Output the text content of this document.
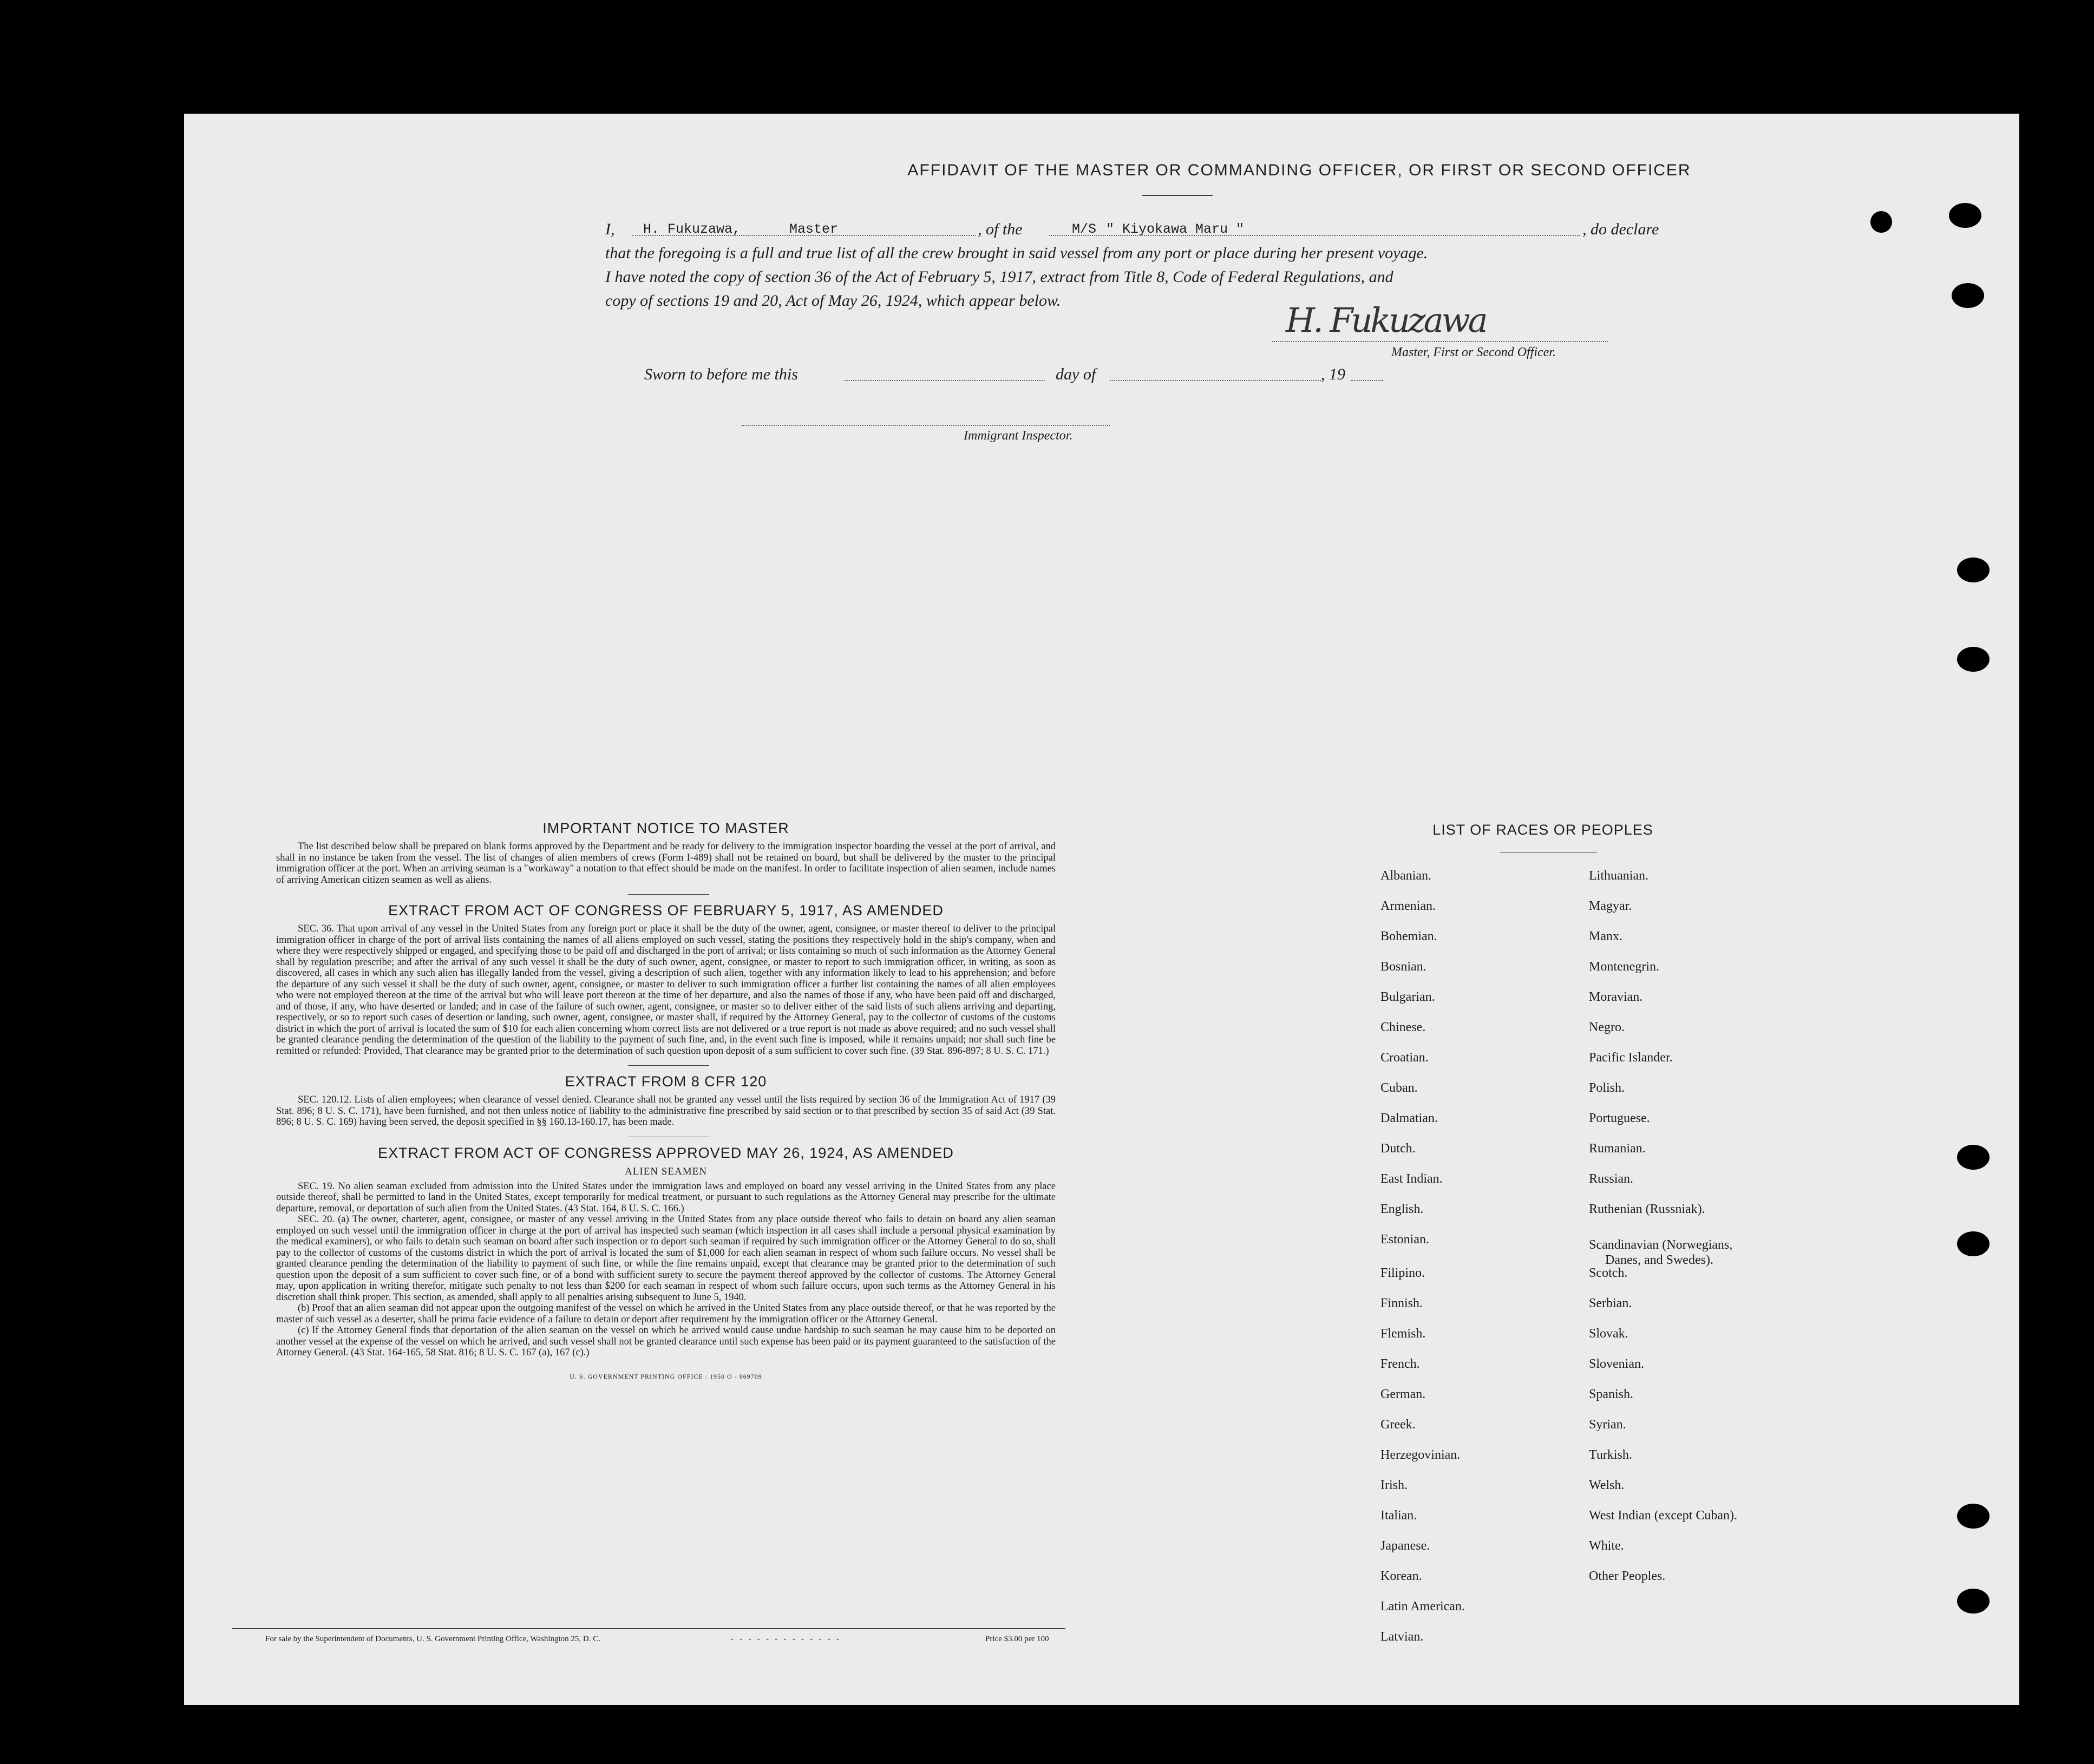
AFFIDAVIT OF THE MASTER OR COMMANDING OFFICER, OR FIRST OR SECOND OFFICER
I, H. Fukuzawa,	Master	, of the	M/S " Kiyokawa Maru "	, do declare
that the foregoing is a full and true list of all the crew brought in said vessel from any port or place during her present voyage.
I have noted the copy of section 36 of the Act of February 5, 1917, extract from Title 8, Code of Federal Regulations, and
copy of sections 19 and 20, Act of May 26, 1924, which appear below.	H. Fukuzawa
Master, First or Second Officer.
Sworn to before me this	day of	, 19
Immigrant Inspector.
IMPORTANT NOTICE TO MASTER

The list described below shall be prepared on blank forms approved by the Department and be ready for delivery to the immigration inspector boarding the vessel at the port of arrival, and shall in no instance be taken from the vessel. The list of changes of alien members of crews (Form I-489) shall not be retained on board, but shall be delivered by the master to the principal immigration officer at the port. When an arriving seaman is a "workaway" a notation to that effect should be made on the manifest. In order to facilitate inspection of alien seamen, include names of arriving American citizen seamen as well as aliens.

EXTRACT FROM ACT OF CONGRESS OF FEBRUARY 5, 1917, AS AMENDED

SEC. 36. That upon arrival of any vessel in the United States from any foreign port or place it shall be the duty of the owner, agent, consignee, or master thereof to deliver to the principal immigration officer in charge of the port of arrival lists containing the names of all aliens employed on such vessel, stating the positions they respectively hold in the ship's company, when and where they were respectively shipped or engaged, and specifying those to be paid off and discharged in the port of arrival; or lists containing so much of such information as the Attorney General shall by regulation prescribe; and after the arrival of any such vessel it shall be the duty of such owner, agent, consignee, or master to report to such immigration officer, in writing, as soon as discovered, all cases in which any such alien has illegally landed from the vessel, giving a description of such alien, together with any information likely to lead to his apprehension; and before the departure of any such vessel it shall be the duty of such owner, agent, consignee, or master to deliver to such immigration officer a further list containing the names of all alien employees who were not employed thereon at the time of the arrival but who will leave port thereon at the time of her departure, and also the names of those if any, who have been paid off and discharged, and of those, if any, who have deserted or landed; and in case of the failure of such owner, agent, consignee, or master so to deliver either of the said lists of such aliens arriving and departing, respectively, or so to report such cases of desertion or landing, such owner, agent, consignee, or master shall, if required by the Attorney General, pay to the collector of customs of the customs district in which the port of arrival is located the sum of $10 for each alien concerning whom correct lists are not delivered or a true report is not made as above required; and no such vessel shall be granted clearance pending the determination of the question of the liability to the payment of such fine, and, in the event such fine is imposed, while it remains unpaid; nor shall such fine be remitted or refunded: Provided, That clearance may be granted prior to the determination of such question upon deposit of a sum sufficient to cover such fine. (39 Stat. 896-897; 8 U. S. C. 171.)

EXTRACT FROM 8 CFR 120

SEC. 120.12. Lists of alien employees; when clearance of vessel denied. Clearance shall not be granted any vessel until the lists required by section 36 of the Immigration Act of 1917 (39 Stat. 896; 8 U. S. C. 171), have been furnished, and not then unless notice of liability to the administrative fine prescribed by said section or to that prescribed by section 35 of said Act (39 Stat. 896; 8 U. S. C. 169) having been served, the deposit specified in §§ 160.13-160.17, has been made.

EXTRACT FROM ACT OF CONGRESS APPROVED MAY 26, 1924, AS AMENDED
ALIEN SEAMEN

SEC. 19. No alien seaman excluded from admission into the United States under the immigration laws and employed on board any vessel arriving in the United States from any place outside thereof, shall be permitted to land in the United States, except temporarily for medical treatment, or pursuant to such regulations as the Attorney General may prescribe for the ultimate departure, removal, or deportation of such alien from the United States. (43 Stat. 164, 8 U. S. C. 166.)

SEC. 20. (a) The owner, charterer, agent, consignee, or master of any vessel arriving in the United States from any place outside thereof who fails to detain on board any alien seaman employed on such vessel until the immigration officer in charge at the port of arrival has inspected such seaman (which inspection in all cases shall include a personal physical examination by the medical examiners), or who fails to detain such seaman on board after such inspection or to deport such seaman if required by such immigration officer or the Attorney General to do so, shall pay to the collector of customs of the customs district in which the port of arrival is located the sum of $1,000 for each alien seaman in respect of whom such failure occurs. No vessel shall be granted clearance pending the determination of the liability to payment of such fine, or while the fine remains unpaid, except that clearance may be granted prior to the determination of such question upon the deposit of a sum sufficient to cover such fine, or of a bond with sufficient surety to secure the payment thereof approved by the collector of customs. The Attorney General may, upon application in writing therefor, mitigate such penalty to not less than $200 for each seaman in respect of whom such failure occurs, upon such terms as the Attorney General in his discretion shall think proper. This section, as amended, shall apply to all penalties arising subsequent to June 5, 1940.

(b) Proof that an alien seaman did not appear upon the outgoing manifest of the vessel on which he arrived in the United States from any place outside thereof, or that he was reported by the master of such vessel as a deserter, shall be prima facie evidence of a failure to detain or deport after requirement by the immigration officer or the Attorney General.

(c) If the Attorney General finds that deportation of the alien seaman on the vessel on which he arrived would cause undue hardship to such seaman he may cause him to be deported on another vessel at the expense of the vessel on which he arrived, and such vessel shall not be granted clearance until such expense has been paid or its payment guaranteed to the satisfaction of the Attorney General. (43 Stat. 164-165, 58 Stat. 816; 8 U. S. C. 167 (a), 167 (c).)

U. S. GOVERNMENT PRINTING OFFICE : 1950 O - 869709
For sale by the Superintendent of Documents, U. S. Government Printing Office, Washington 25, D. C.	-   -   -   -   -   -   -   -   -   -   -   -   -	Price $3.00 per 100
LIST OF RACES OR PEOPLES
Albanian.
Armenian.
Bohemian.
Bosnian.
Bulgarian.
Chinese.
Croatian.
Cuban.
Dalmatian.
Dutch.
East Indian.
English.
Estonian.
Filipino.
Finnish.
Flemish.
French.
German.
Greek.
Herzegovinian.
Irish.
Italian.
Japanese.
Korean.
Latin American.
Latvian.
Lithuanian.
Magyar.
Manx.
Montenegrin.
Moravian.
Negro.
Pacific Islander.
Polish.
Portuguese.
Rumanian.
Russian.
Ruthenian (Russniak).
Scandinavian (Norwegians,
Danes, and Swedes).
Scotch.
Serbian.
Slovak.
Slovenian.
Spanish.
Syrian.
Turkish.
Welsh.
West Indian (except Cuban).
White.
Other Peoples.
